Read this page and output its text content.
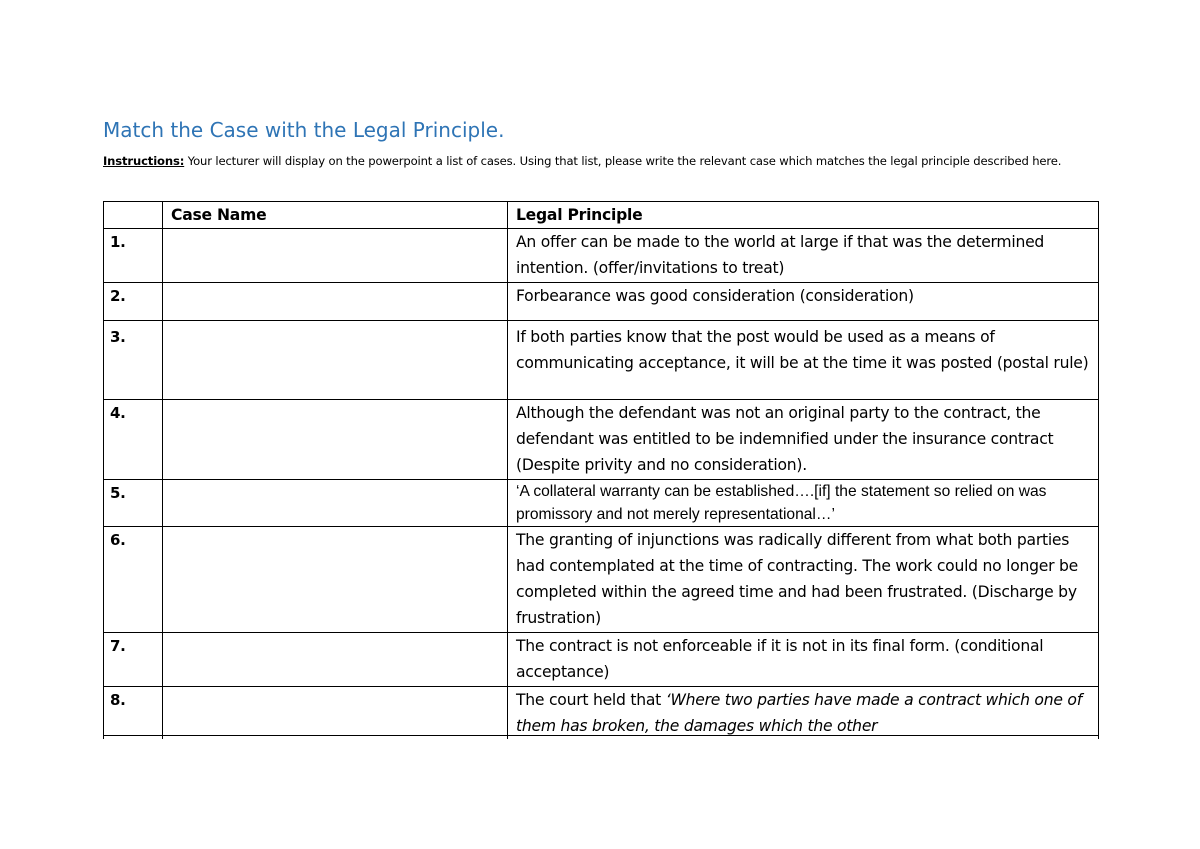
Match the Case with the Legal Principle.
Instructions: Your lecturer will display on the powerpoint a list of cases. Using that list, please write the relevant case which matches the legal principle described here.
	Case Name	Legal Principle
1.		An offer can be made to the world at large if that was the determined intention. (offer/invitations to treat)
2.		Forbearance was good consideration (consideration)
3.		If both parties know that the post would be used as a means of communicating acceptance, it will be at the time it was posted (postal rule)
4.		Although the defendant was not an original party to the contract, the defendant was entitled to be indemnified under the insurance contract (Despite privity and no consideration).
5.		‘A collateral warranty can be established….[if] the statement so relied on was promissory and not merely representational…’
6.		The granting of injunctions was radically different from what both parties had contemplated at the time of contracting. The work could no longer be completed within the agreed time and had been frustrated. (Discharge by frustration)
7.		The contract is not enforceable if it is not in its final form. (conditional acceptance)
8.		The court held that ‘Where two parties have made a contract which one of them has broken, the damages which the other
